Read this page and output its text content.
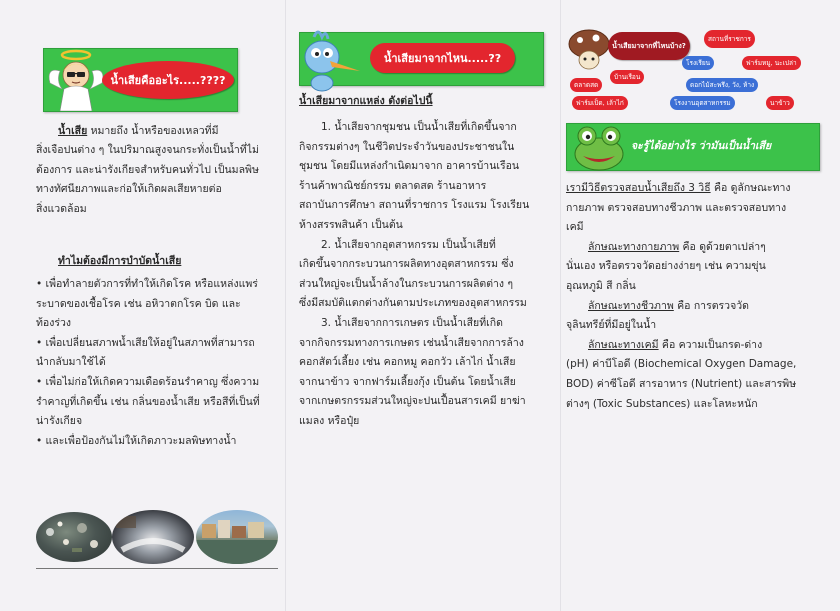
น้ำเสียคืออะไร.....????
น้ำเสีย หมายถึง น้ำหรือของเหลวที่มี
สิ่งเจือปนต่าง ๆ ในปริมาณสูงจนกระทั่งเป็นน้ำที่ไม่
ต้องการ และน่ารังเกียจสำหรับคนทั่วไป เป็นมลพิษ
ทางทัศนียภาพและก่อให้เกิดผลเสียหายต่อ
สิ่งแวดล้อม
ทำไมต้องมีการบำบัดน้ำเสีย
• เพื่อทำลายตัวการที่ทำให้เกิดโรค หรือแหล่งแพร่
ระบาดของเชื้อโรค เช่น อหิวาตกโรค บิด และ
ท้องร่วง
• เพื่อเปลี่ยนสภาพน้ำเสียให้อยู่ในสภาพที่สามารถ
นำกลับมาใช้ได้
• เพื่อไม่ก่อให้เกิดความเดือดร้อนรำคาญ ซึ่งความ
รำคาญที่เกิดขึ้น เช่น กลิ่นของน้ำเสีย หรือสีที่เป็นที่
น่ารังเกียจ
• และเพื่อป้องกันไม่ให้เกิดภาวะมลพิษทางน้ำ
น้ำเสียมาจากไหน.....??
น้ำเสียมาจากแหล่ง ดังต่อไปนี้
1. น้ำเสียจากชุมชน เป็นน้ำเสียที่เกิดขึ้นจาก
กิจกรรมต่างๆ ในชีวิตประจำวันของประชาชนใน
ชุมชน โดยมีแหล่งกำเนิดมาจาก อาคารบ้านเรือน
ร้านค้าพาณิชย์กรรม ตลาดสด ร้านอาหาร
สถาบันการศึกษา สถานที่ราชการ โรงแรม โรงเรียน
ห้างสรรพสินค้า เป็นต้น
2. น้ำเสียจากอุตสาหกรรม เป็นน้ำเสียที่
เกิดขึ้นจากกระบวนการผลิตทางอุตสาหกรรม ซึ่ง
ส่วนใหญ่จะเป็นน้ำล้างในกระบวนการผลิตต่าง ๆ
ซึ่งมีสมบัติแตกต่างกันตามประเภทของอุตสาหกรรม
3. น้ำเสียจากการเกษตร เป็นน้ำเสียที่เกิด
จากกิจกรรมทางการเกษตร เช่นน้ำเสียจากการล้าง
คอกสัตว์เลี้ยง เช่น คอกหมู คอกวัว เล้าไก่ น้ำเสีย
จากนาข้าว จากฟาร์มเลี้ยงกุ้ง เป็นต้น โดยน้ำเสีย
จากเกษตรกรรมส่วนใหญ่จะปนเปื้อนสารเคมี ยาฆ่า
แมลง หรือปุ๋ย
น้ำเสียมาจากที่ไหนบ้าง?
สถานที่ราชการ
โรงเรียน	ฟาร์มหมู, นะเปล่า
บ้านเรือน
ตลาดสด	ดอกไม้สะพรึง, วัง, ห้าง
ฟาร์มเป็ด, เล้าไก่	โรงงานอุตสาหกรรม	นาข้าว
จะรู้ได้อย่างไร ว่ามันเป็นน้ำเสีย
เรามีวิธีตรวจสอบน้ำเสียถึง 3 วิธี คือ ดูลักษณะทาง
กายภาพ ตรวจสอบทางชีวภาพ และตรวจสอบทาง
เคมี
ลักษณะทางกายภาพ คือ ดูด้วยตาเปล่าๆ
นั่นเอง หรือตรวจวัดอย่างง่ายๆ เช่น ความขุ่น
อุณหภูมิ สี กลิ่น
ลักษณะทางชีวภาพ คือ การตรวจวัด
จุลินทรีย์ที่มีอยู่ในน้ำ
ลักษณะทางเคมี คือ ความเป็นกรด-ด่าง
(pH) ค่าบีโอดี (Biochemical Oxygen Damage,
BOD) ค่าซีโอดี สารอาหาร (Nutrient) และสารพิษ
ต่างๆ (Toxic Substances) และโลหะหนัก
